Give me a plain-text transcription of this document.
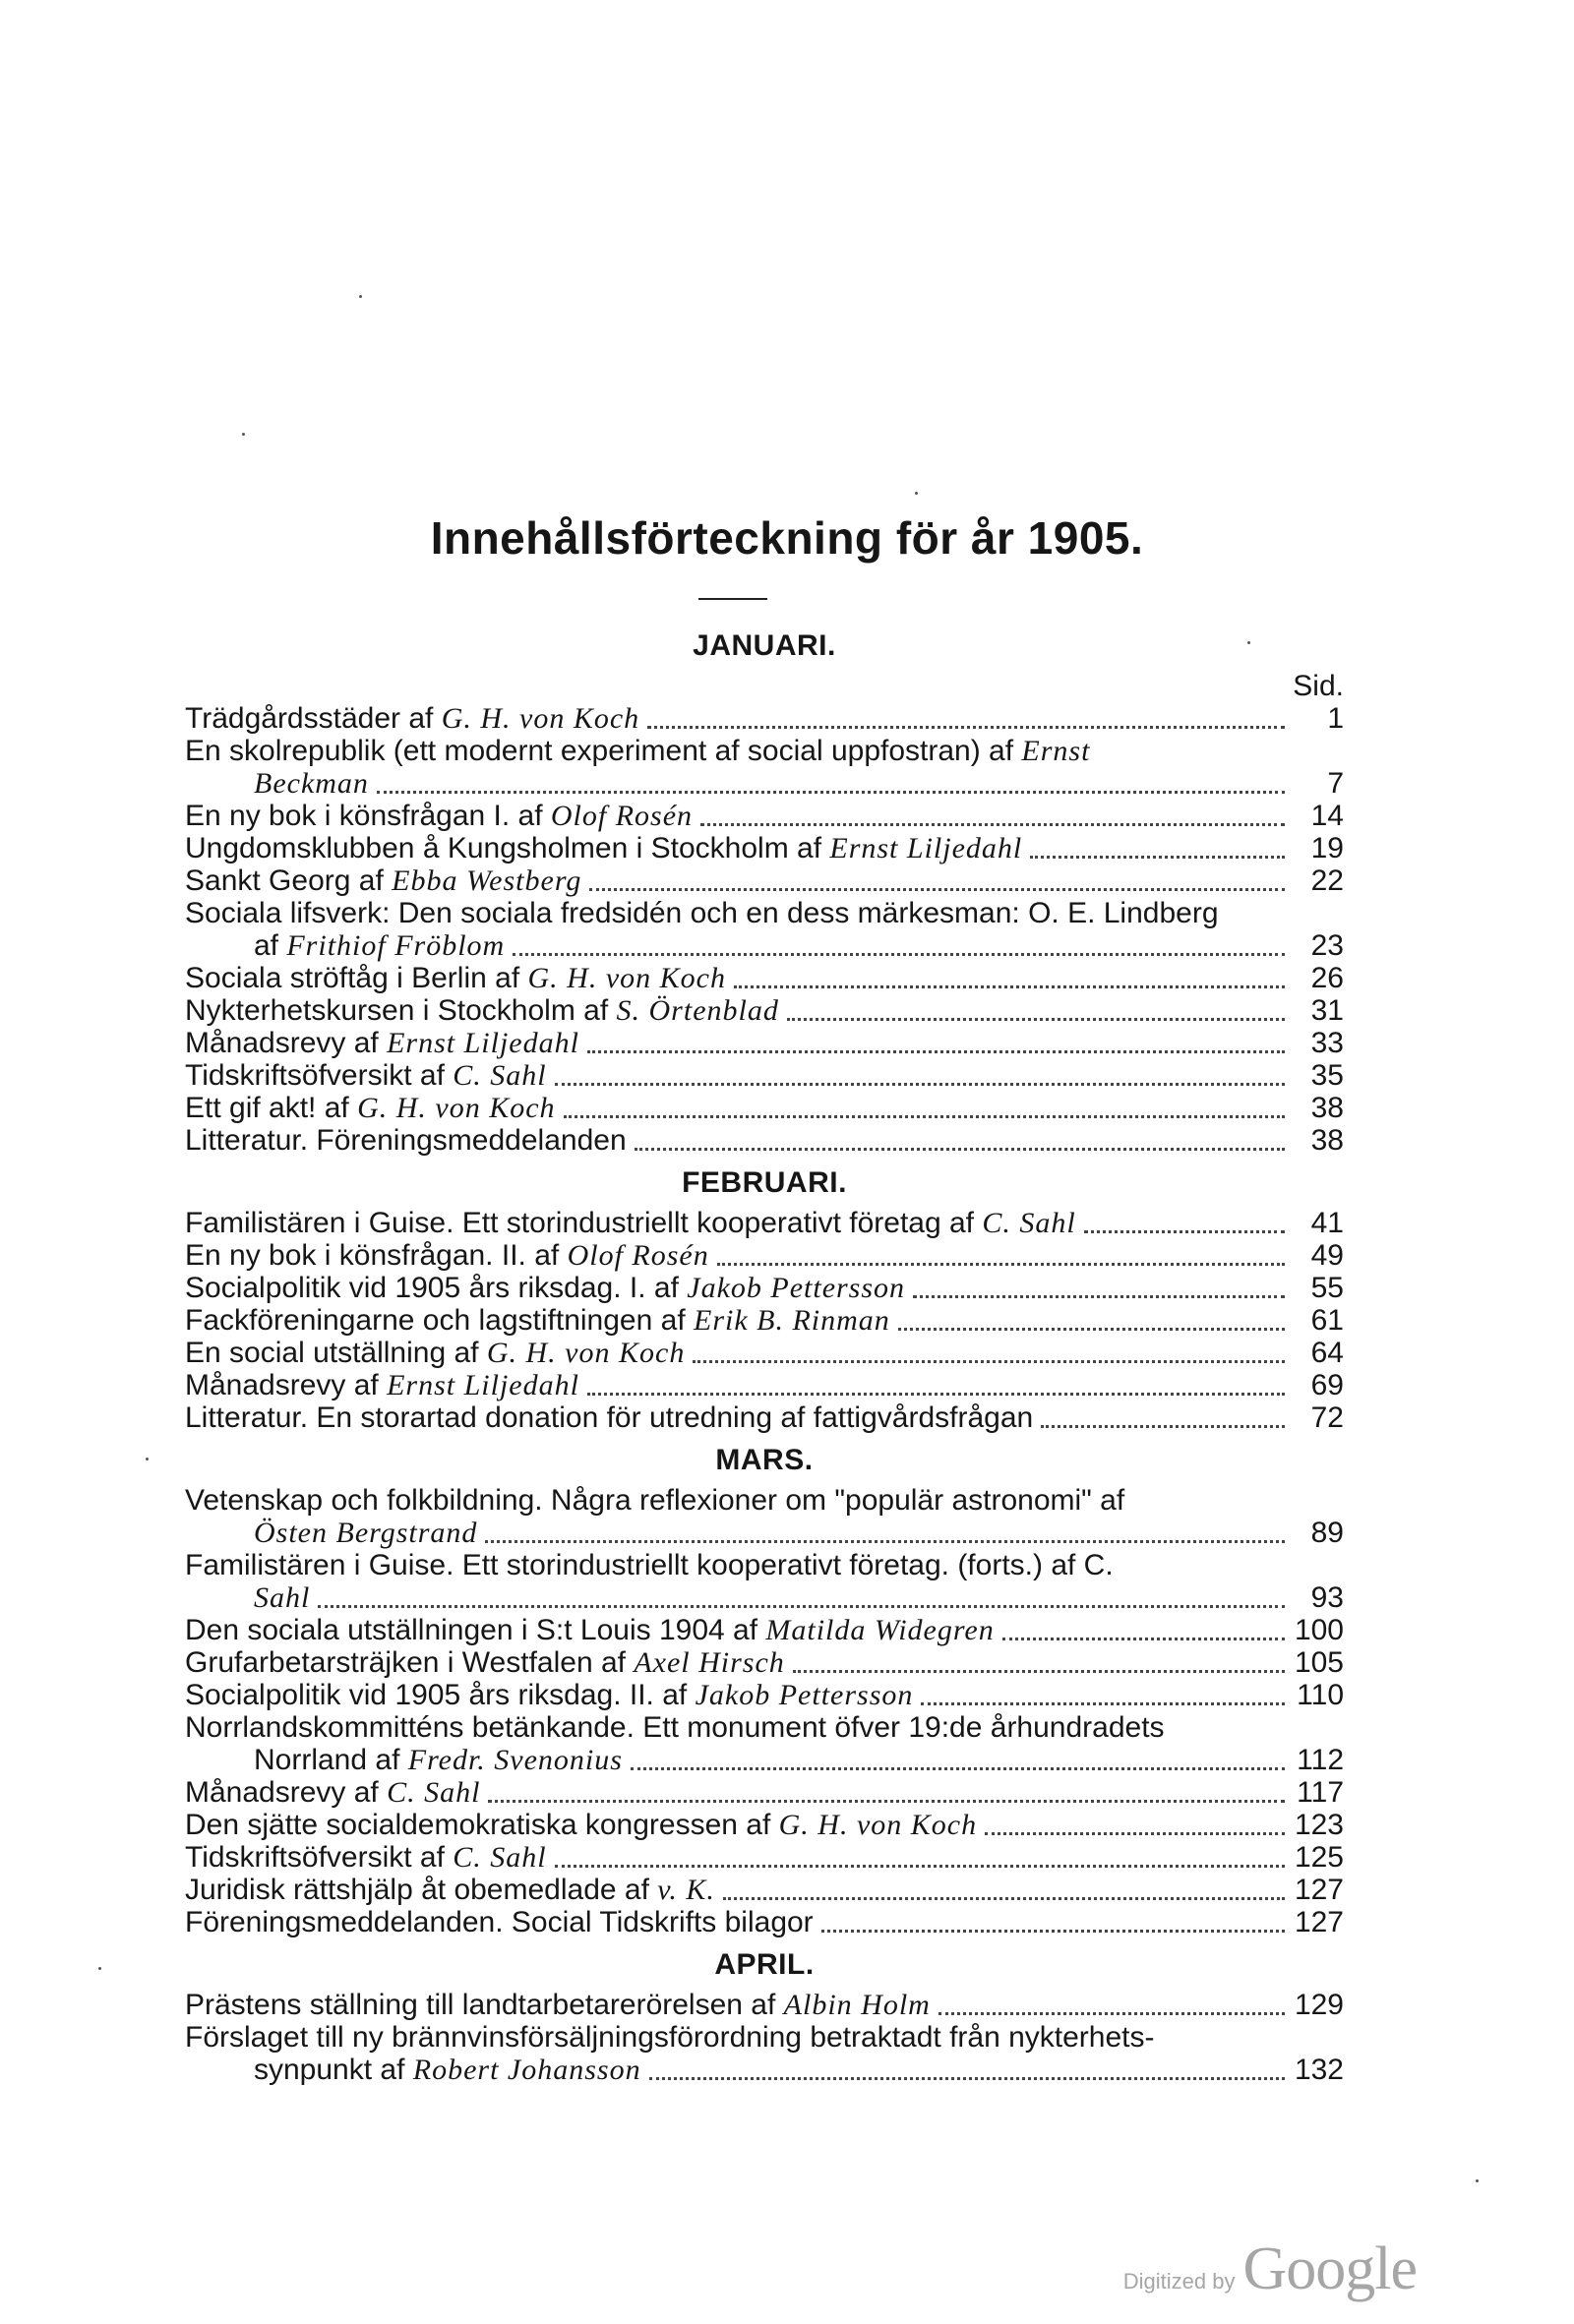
Innehållsförteckning för år 1905.
JANUARI.
Sid.
Trädgårdsstäder af G. H. von Koch	1
En skolrepublik (ett modernt experiment af social uppfostran) af Ernst
Beckman	7
En ny bok i könsfrågan I. af Olof Rosén	14
Ungdomsklubben å Kungsholmen i Stockholm af Ernst Liljedahl	19
Sankt Georg af Ebba Westberg	22
Sociala lifsverk: Den sociala fredsidén och en dess märkesman: O. E. Lindberg
af Frithiof Fröblom	23
Sociala ströftåg i Berlin af G. H. von Koch	26
Nykterhetskursen i Stockholm af S. Örtenblad	31
Månadsrevy af Ernst Liljedahl	33
Tidskriftsöfversikt af C. Sahl	35
Ett gif akt! af G. H. von Koch	38
Litteratur. Föreningsmeddelanden	38
FEBRUARI.
Familistären i Guise. Ett storindustriellt kooperativt företag af C. Sahl	41
En ny bok i könsfrågan. II. af Olof Rosén	49
Socialpolitik vid 1905 års riksdag. I. af Jakob Pettersson	55
Fackföreningarne och lagstiftningen af Erik B. Rinman	61
En social utställning af G. H. von Koch	64
Månadsrevy af Ernst Liljedahl	69
Litteratur. En storartad donation för utredning af fattigvårdsfrågan	72
MARS.
Vetenskap och folkbildning. Några reflexioner om "populär astronomi" af
Östen Bergstrand	89
Familistären i Guise. Ett storindustriellt kooperativt företag. (forts.) af C.
Sahl	93
Den sociala utställningen i S:t Louis 1904 af Matilda Widegren	100
Grufarbetarsträjken i Westfalen af Axel Hirsch	105
Socialpolitik vid 1905 års riksdag. II. af Jakob Pettersson	110
Norrlandskommitténs betänkande. Ett monument öfver 19:de århundradets
Norrland af Fredr. Svenonius	112
Månadsrevy af C. Sahl	117
Den sjätte socialdemokratiska kongressen af G. H. von Koch	123
Tidskriftsöfversikt af C. Sahl	125
Juridisk rättshjälp åt obemedlade af v. K.	127
Föreningsmeddelanden. Social Tidskrifts bilagor	127
APRIL.
Prästens ställning till landtarbetarerörelsen af Albin Holm	129
Förslaget till ny brännvinsförsäljningsförordning betraktadt från nykterhets-
synpunkt af Robert Johansson	132
Digitized by Google
